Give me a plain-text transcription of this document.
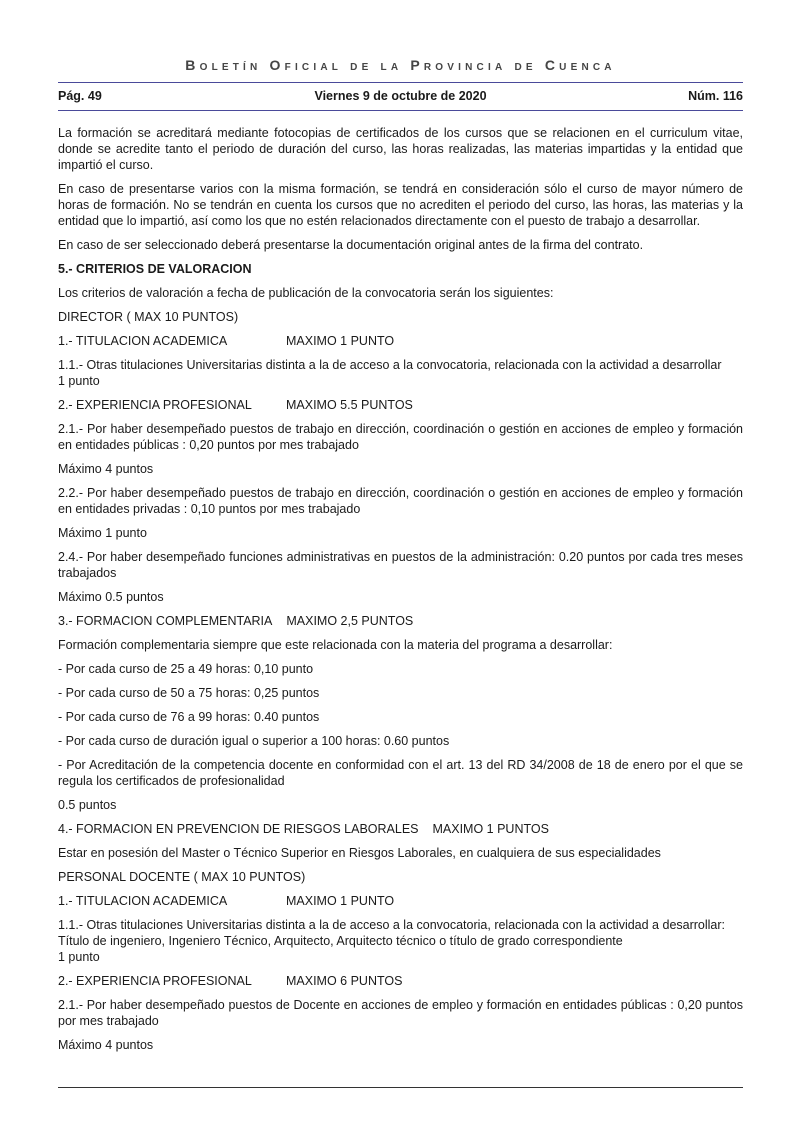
Boletín Oficial de la Provincia de Cuenca
Pág. 49	Viernes 9 de octubre de 2020	Núm. 116

La formación se acreditará mediante fotocopias de certificados de los cursos que se relacionen en el curriculum vitae, donde se acredite tanto el periodo de duración del curso, las horas realizadas, las materias impartidas y la entidad que impartió el curso.

En caso de presentarse varios con la misma formación, se tendrá en consideración sólo el curso de mayor número de horas de formación. No se tendrán en cuenta los cursos que no acrediten el periodo del curso, las horas, las materias y la entidad que lo impartió, así como los que no estén relacionados directamente con el puesto de trabajo a desarrollar.

En caso de ser seleccionado deberá presentarse la documentación original antes de la firma del contrato.

5.- CRITERIOS DE VALORACION

Los criterios de valoración a fecha de publicación de la convocatoria serán los siguientes:

DIRECTOR ( MAX 10 PUNTOS)

1.- TITULACION ACADEMICA	MAXIMO 1 PUNTO

1.1.- Otras titulaciones Universitarias distinta a la de acceso a la convocatoria, relacionada con la actividad a desarrollar
1 punto

2.- EXPERIENCIA PROFESIONAL	MAXIMO 5.5 PUNTOS

2.1.- Por haber desempeñado puestos de trabajo en dirección, coordinación o gestión en acciones de empleo y formación en entidades públicas : 0,20 puntos por mes trabajado

Máximo 4 puntos

2.2.- Por haber desempeñado puestos de trabajo en dirección, coordinación o gestión en acciones de empleo y formación en entidades privadas : 0,10 puntos por mes trabajado

Máximo 1 punto

2.4.- Por haber desempeñado funciones administrativas en puestos de la administración: 0.20 puntos por cada tres meses trabajados

Máximo 0.5 puntos

3.- FORMACION COMPLEMENTARIA MAXIMO 2,5 PUNTOS

Formación complementaria siempre que este relacionada con la materia del programa a desarrollar:

- Por cada curso de 25 a 49 horas: 0,10 punto

- Por cada curso de 50 a 75 horas: 0,25 puntos

- Por cada curso de 76 a 99 horas: 0.40 puntos

- Por cada curso de duración igual o superior a 100 horas: 0.60 puntos

- Por Acreditación de la competencia docente en conformidad con el art. 13 del RD 34/2008 de 18 de enero por el que se regula los certificados de profesionalidad

0.5 puntos

4.- FORMACION EN PREVENCION DE RIESGOS LABORALES MAXIMO 1 PUNTOS

Estar en posesión del Master o Técnico Superior en Riesgos Laborales, en cualquiera de sus especialidades

PERSONAL DOCENTE ( MAX 10 PUNTOS)

1.- TITULACION ACADEMICA	MAXIMO 1 PUNTO

1.1.- Otras titulaciones Universitarias distinta a la de acceso a la convocatoria, relacionada con la actividad a desarrollar:
Título de ingeniero, Ingeniero Técnico, Arquitecto, Arquitecto técnico o título de grado correspondiente
1 punto

2.- EXPERIENCIA PROFESIONAL	MAXIMO 6 PUNTOS

2.1.- Por haber desempeñado puestos de Docente en acciones de empleo y formación en entidades públicas : 0,20 puntos por mes trabajado

Máximo 4 puntos
